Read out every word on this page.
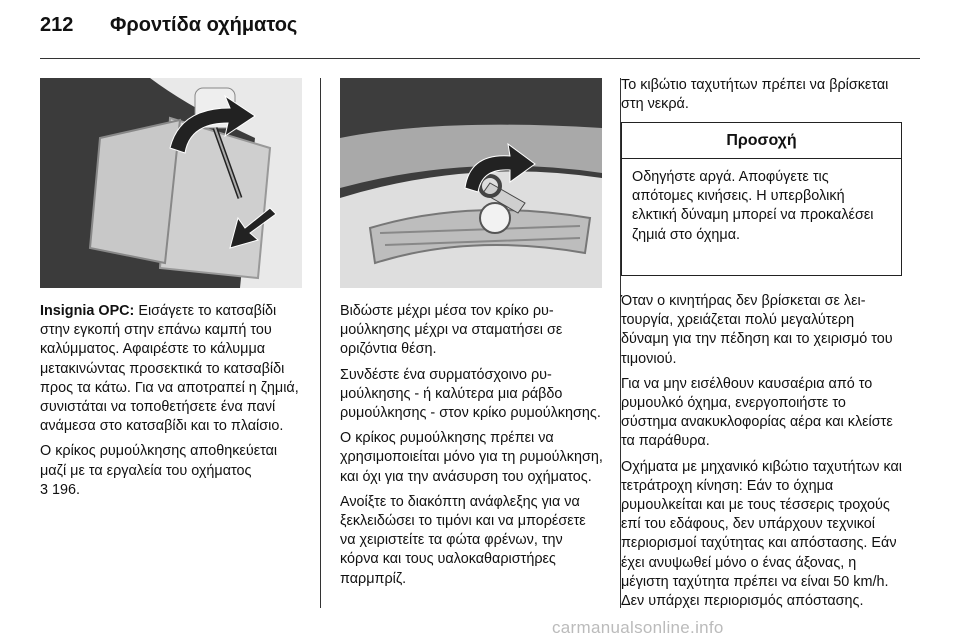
212 Φροντίδα οχήματος

Insignia OPC: Εισάγετε το κατσαβίδι στην εγκοπή στην επάνω καμπή του καλύμματος. Αφαιρέστε το κάλυμμα μετακινώντας προσεκτικά το κατσαβίδι προς τα κάτω. Για να αποτραπεί η ζημιά, συνιστάται να τοποθετήσετε ένα πανί ανάμεσα στο κατσαβίδι και το πλαίσιο.

Ο κρίκος ρυμούλκησης αποθηκεύεται μαζί με τα εργαλεία του οχήματος
3 196.

Βιδώστε μέχρι μέσα τον κρίκο ρυμούλκησης μέχρι να σταματήσει σε οριζόντια θέση.

Συνδέστε ένα συρματόσχοινο ρυμούλκησης - ή καλύτερα μια ράβδο ρυμούλκησης - στον κρίκο ρυμούλκησης.

Ο κρίκος ρυμούλκησης πρέπει να χρησιμοποιείται μόνο για τη ρυμούλκηση, και όχι για την ανάσυρση του οχήματος.

Ανοίξτε το διακόπτη ανάφλεξης για να ξεκλειδώσει το τιμόνι και να μπορέσετε να χειριστείτε τα φώτα φρένων, την κόρνα και τους υαλοκαθαριστήρες παρμπρίζ.

Το κιβώτιο ταχυτήτων πρέπει να βρίσκεται στη νεκρά.

Προσοχή
Οδηγήστε αργά. Αποφύγετε τις απότομες κινήσεις. Η υπερβολική ελκτική δύναμη μπορεί να προκαλέσει ζημιά στο όχημα.

Όταν ο κινητήρας δεν βρίσκεται σε λειτουργία, χρειάζεται πολύ μεγαλύτερη δύναμη για την πέδηση και το χειρισμό του τιμονιού.

Για να μην εισέλθουν καυσαέρια από το ρυμουλκό όχημα, ενεργοποιήστε το σύστημα ανακυκλοφορίας αέρα και κλείστε τα παράθυρα.

Οχήματα με μηχανικό κιβώτιο ταχυτήτων και τετράτροχη κίνηση: Εάν το όχημα ρυμουλκείται και με τους τέσσερις τροχούς επί του εδάφους, δεν υπάρχουν τεχνικοί περιορισμοί ταχύτητας και απόστασης. Εάν έχει ανυψωθεί μόνο ο ένας άξονας, η μέγιστη ταχύτητα πρέπει να είναι 50 km/h. Δεν υπάρχει περιορισμός απόστασης.

carmanualsonline.info
